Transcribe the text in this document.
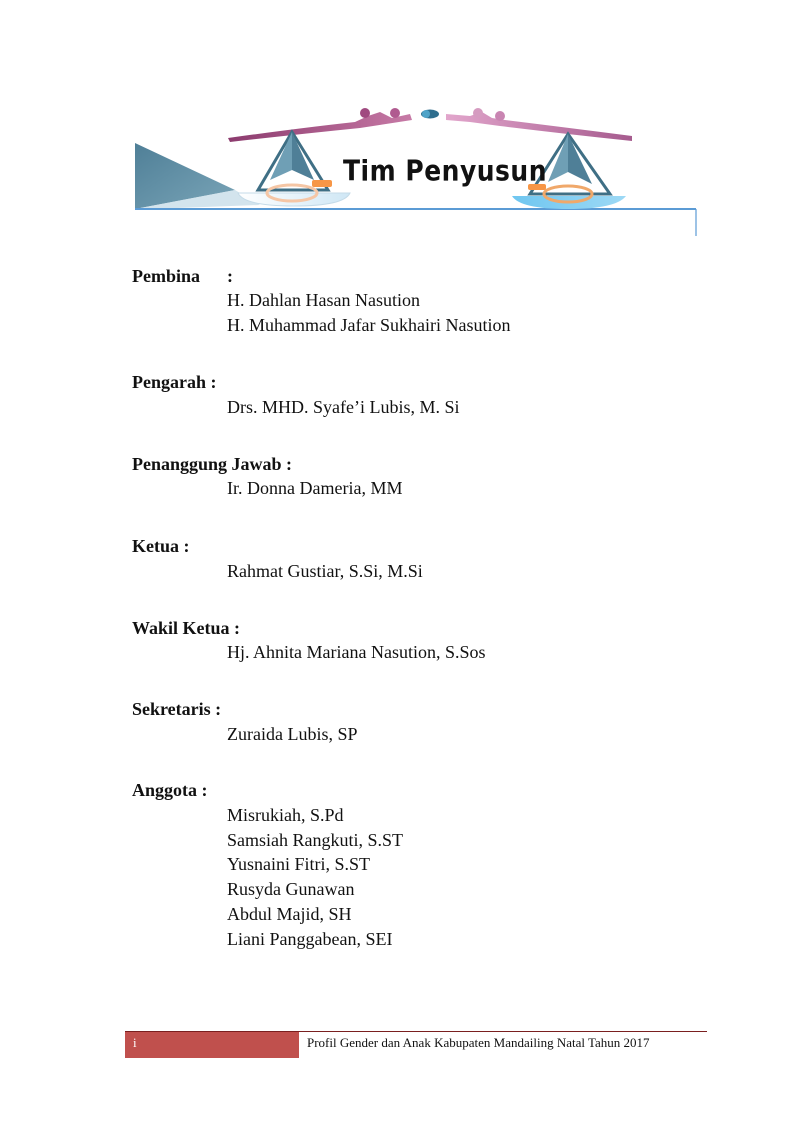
Tim Penyusun
Pembina	:
H. Dahlan Hasan Nasution
H. Muhammad Jafar Sukhairi Nasution
Pengarah :
Drs. MHD. Syafe’i Lubis, M. Si
Penanggung Jawab :
Ir. Donna Dameria, MM
Ketua :
Rahmat Gustiar, S.Si, M.Si
Wakil Ketua :
Hj. Ahnita Mariana Nasution, S.Sos
Sekretaris :
Zuraida Lubis, SP
Anggota :
Misrukiah, S.Pd
Samsiah Rangkuti, S.ST
Yusnaini Fitri, S.ST
Rusyda Gunawan
Abdul Majid, SH
Liani Panggabean, SEI
i	Profil Gender dan Anak Kabupaten Mandailing Natal Tahun 2017
